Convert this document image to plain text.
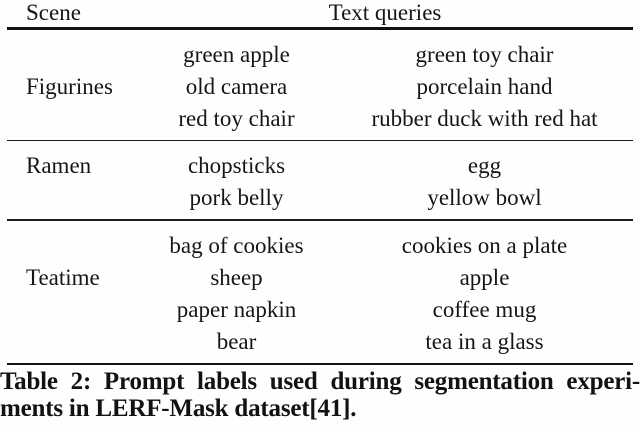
Scene	Text queries
green apple	green toy chair
Figurines	old camera	porcelain hand
red toy chair	rubber duck with red hat
Ramen	chopsticks	egg
pork belly	yellow bowl
bag of cookies	cookies on a plate
Teatime	sheep	apple
paper napkin	coffee mug
bear	tea in a glass
Table 2: Prompt labels used during segmentation experi-
ments in LERF-Mask dataset[41].
